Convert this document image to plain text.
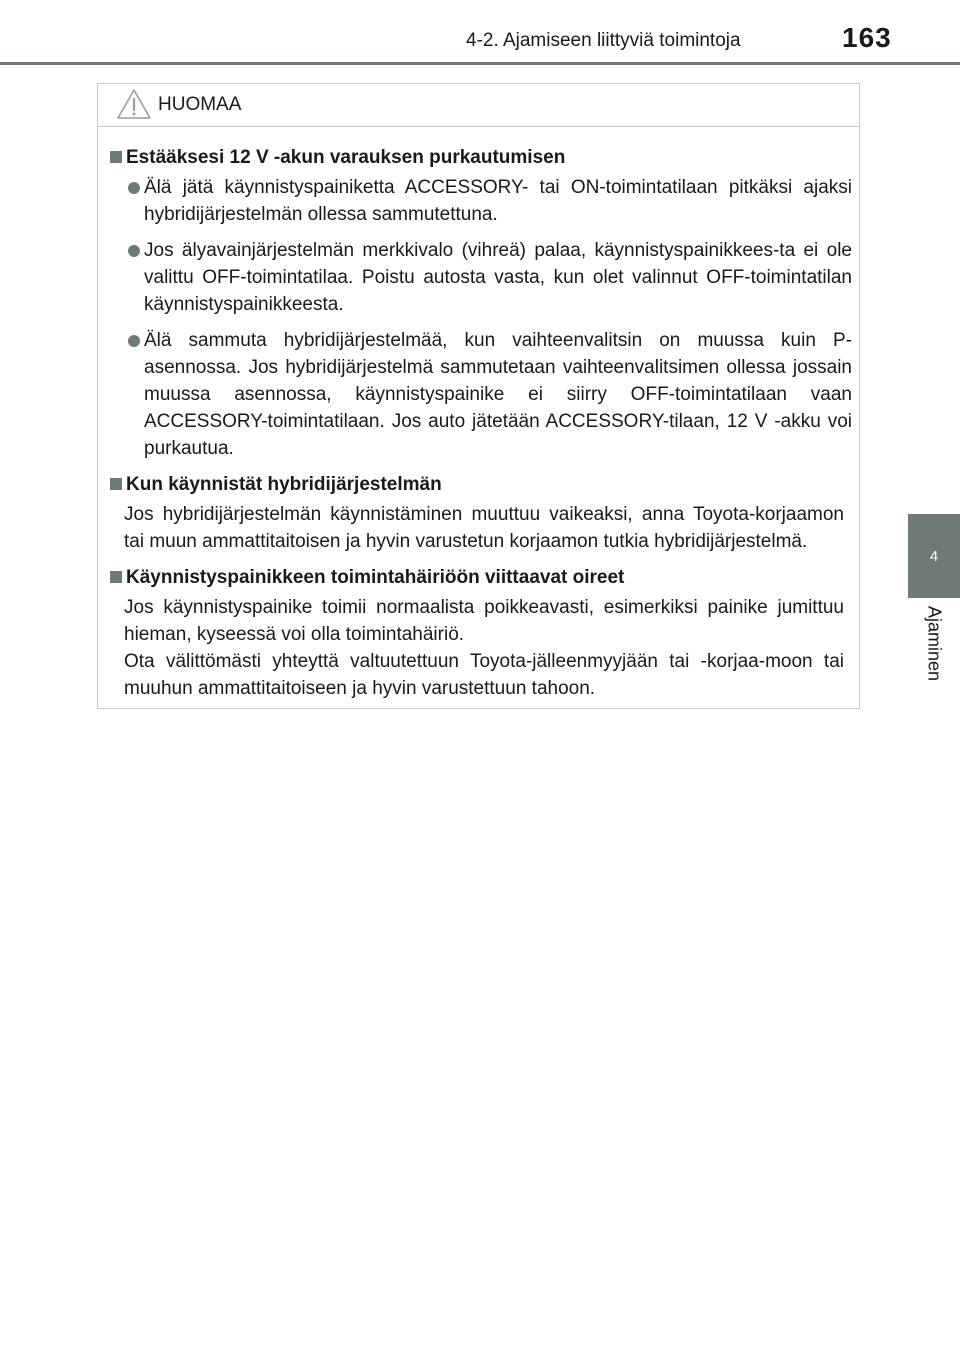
4-2. Ajamiseen liittyviä toimintoja	163
4
Ajaminen
HUOMAA
Estääksesi 12 V -akun varauksen purkautumisen
Älä jätä käynnistyspainiketta ACCESSORY- tai ON-toimintatilaan pitkäksi ajaksi hybridijärjestelmän ollessa sammutettuna.
Jos älyavainjärjestelmän merkkivalo (vihreä) palaa, käynnistyspainikkees-ta ei ole valittu OFF-toimintatilaa. Poistu autosta vasta, kun olet valinnut OFF-toimintatilan käynnistyspainikkeesta.
Älä sammuta hybridijärjestelmää, kun vaihteenvalitsin on muussa kuin P-asennossa. Jos hybridijärjestelmä sammutetaan vaihteenvalitsimen ollessa jossain muussa asennossa, käynnistyspainike ei siirry OFF-toimintatilaan vaan ACCESSORY-toimintatilaan. Jos auto jätetään ACCESSORY-tilaan, 12 V -akku voi purkautua.
Kun käynnistät hybridijärjestelmän
Jos hybridijärjestelmän käynnistäminen muuttuu vaikeaksi, anna Toyota-korjaamon tai muun ammattitaitoisen ja hyvin varustetun korjaamon tutkia hybridijärjestelmä.
Käynnistyspainikkeen toimintahäiriöön viittaavat oireet
Jos käynnistyspainike toimii normaalista poikkeavasti, esimerkiksi painike jumittuu hieman, kyseessä voi olla toimintahäiriö.
Ota välittömästi yhteyttä valtuutettuun Toyota-jälleenmyyjään tai -korjaa-moon tai muuhun ammattitaitoiseen ja hyvin varustettuun tahoon.
